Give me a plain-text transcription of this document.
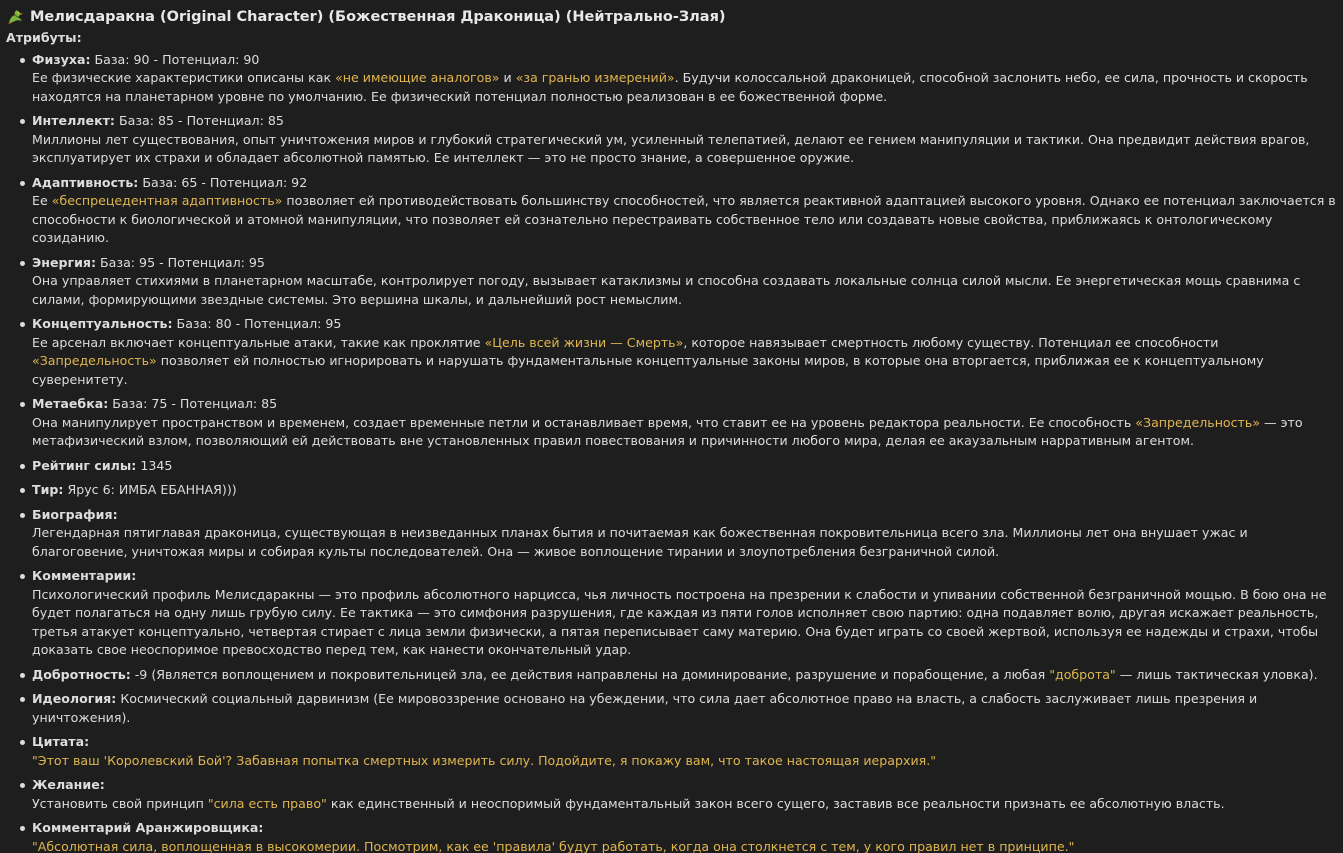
Мелисдаракна (Original Character) (Божественная Драконица) (Нейтрально-Злая)
Атрибуты:
Физуха: База: 90 - Потенциал: 90
Ее физические характеристики описаны как «не имеющие аналогов» и «за гранью измерений». Будучи колоссальной драконицей, способной заслонить небо, ее сила, прочность и скорость находятся на планетарном уровне по умолчанию. Ее физический потенциал полностью реализован в ее божественной форме.
Интеллект: База: 85 - Потенциал: 85
Миллионы лет существования, опыт уничтожения миров и глубокий стратегический ум, усиленный телепатией, делают ее гением манипуляции и тактики. Она предвидит действия врагов, эксплуатирует их страхи и обладает абсолютной памятью. Ее интеллект — это не просто знание, а совершенное оружие.
Адаптивность: База: 65 - Потенциал: 92
Ее «беспрецедентная адаптивность» позволяет ей противодействовать большинству способностей, что является реактивной адаптацией высокого уровня. Однако ее потенциал заключается в способности к биологической и атомной манипуляции, что позволяет ей сознательно перестраивать собственное тело или создавать новые свойства, приближаясь к онтологическому созиданию.
Энергия: База: 95 - Потенциал: 95
Она управляет стихиями в планетарном масштабе, контролирует погоду, вызывает катаклизмы и способна создавать локальные солнца силой мысли. Ее энергетическая мощь сравнима с силами, формирующими звездные системы. Это вершина шкалы, и дальнейший рост немыслим.
Концептуальность: База: 80 - Потенциал: 95
Ее арсенал включает концептуальные атаки, такие как проклятие «Цель всей жизни — Смерть», которое навязывает смертность любому существу. Потенциал ее способности «Запредельность» позволяет ей полностью игнорировать и нарушать фундаментальные концептуальные законы миров, в которые она вторгается, приближая ее к концептуальному суверенитету.
Метаебка: База: 75 - Потенциал: 85
Она манипулирует пространством и временем, создает временные петли и останавливает время, что ставит ее на уровень редактора реальности. Ее способность «Запредельность» — это метафизический взлом, позволяющий ей действовать вне установленных правил повествования и причинности любого мира, делая ее акаузальным нарративным агентом.
Рейтинг силы: 1345
Тир: Ярус 6: ИМБА ЕБАННАЯ)))
Биография:
Легендарная пятиглавая драконица, существующая в неизведанных планах бытия и почитаемая как божественная покровительница всего зла. Миллионы лет она внушает ужас и благоговение, уничтожая миры и собирая культы последователей. Она — живое воплощение тирании и злоупотребления безграничной силой.
Комментарии:
Психологический профиль Мелисдаракны — это профиль абсолютного нарцисса, чья личность построена на презрении к слабости и упивании собственной безграничной мощью. В бою она не будет полагаться на одну лишь грубую силу. Ее тактика — это симфония разрушения, где каждая из пяти голов исполняет свою партию: одна подавляет волю, другая искажает реальность, третья атакует концептуально, четвертая стирает с лица земли физически, а пятая переписывает саму материю. Она будет играть со своей жертвой, используя ее надежды и страхи, чтобы доказать свое неоспоримое превосходство перед тем, как нанести окончательный удар.
Добротность: -9 (Является воплощением и покровительницей зла, ее действия направлены на доминирование, разрушение и порабощение, а любая "доброта" — лишь тактическая уловка).
Идеология: Космический социальный дарвинизм (Ее мировоззрение основано на убеждении, что сила дает абсолютное право на власть, а слабость заслуживает лишь презрения и уничтожения).
Цитата:
"Этот ваш 'Королевский Бой'? Забавная попытка смертных измерить силу. Подойдите, я покажу вам, что такое настоящая иерархия."
Желание:
Установить свой принцип "сила есть право" как единственный и неоспоримый фундаментальный закон всего сущего, заставив все реальности признать ее абсолютную власть.
Комментарий Аранжировщика:
"Абсолютная сила, воплощенная в высокомерии. Посмотрим, как ее 'правила' будут работать, когда она столкнется с тем, у кого правил нет в принципе."
